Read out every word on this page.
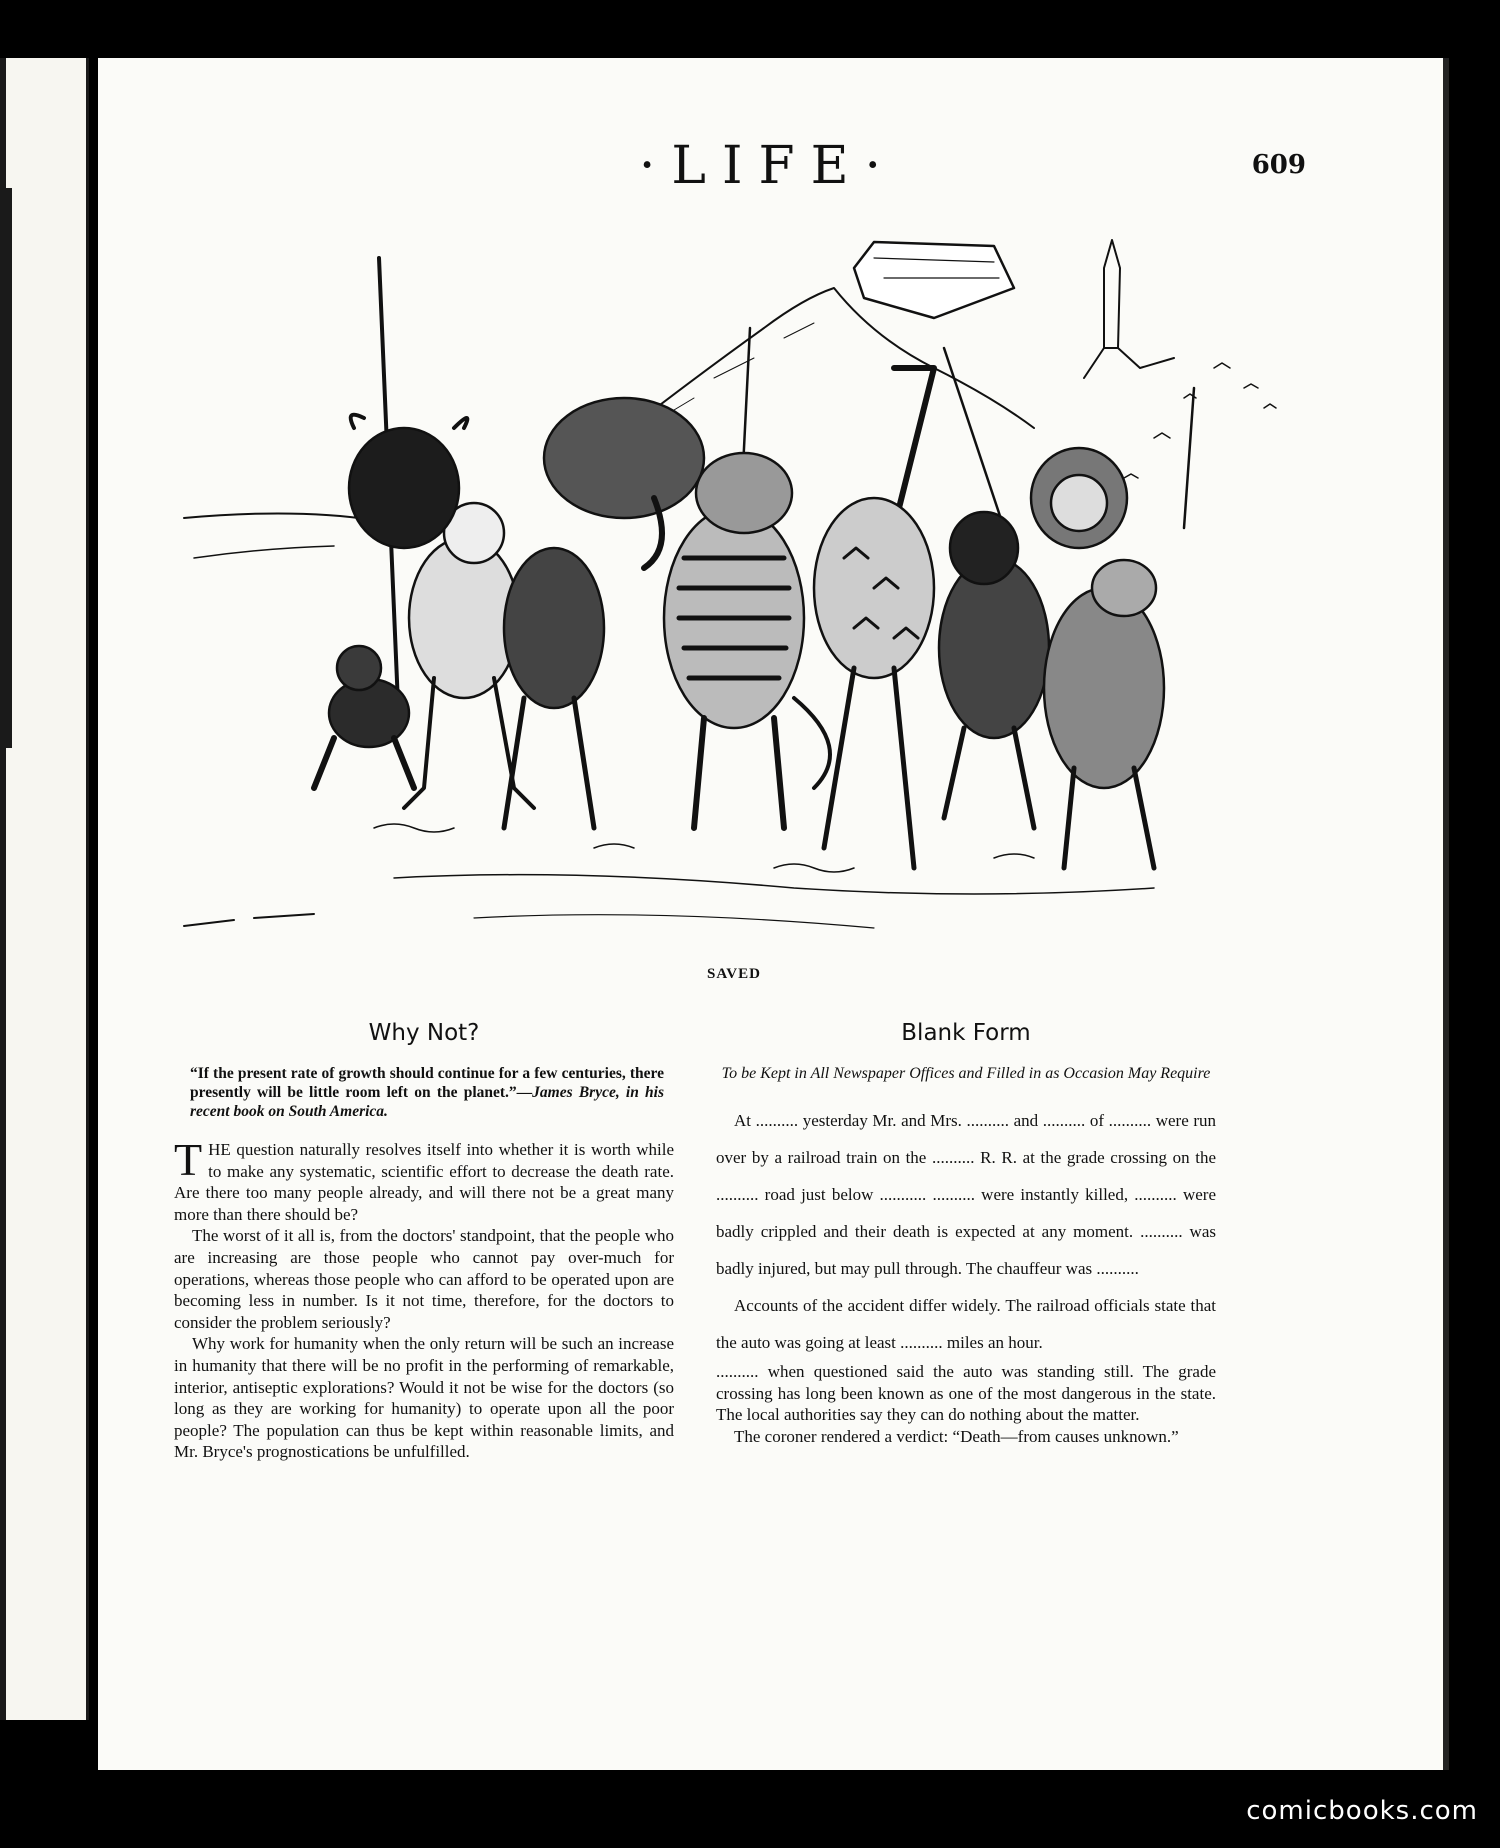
·LIFE·	609
SAVED
Why Not?
“If the present rate of growth should continue for a few centuries, there presently will be little room left on the planet.”—James Bryce, in his recent book on South America.

THE question naturally resolves itself into whether it is worth while to make any systematic, scientific effort to decrease the death rate. Are there too many people already, and will there not be a great many more than there should be?

The worst of it all is, from the doctors' standpoint, that the people who are increasing are those people who cannot pay over-much for operations, whereas those people who can afford to be operated upon are becoming less in number. Is it not time, therefore, for the doctors to consider the problem seriously?

Why work for humanity when the only return will be such an increase in humanity that there will be no profit in the performing of remarkable, interior, antiseptic explorations? Would it not be wise for the doctors (so long as they are working for humanity) to operate upon all the poor people? The population can thus be kept within reasonable limits, and Mr. Bryce's prognostications be unfulfilled.

Blank Form
To be Kept in All Newspaper Offices and Filled in as Occasion May Require

At .......... yesterday Mr. and Mrs. .......... and .......... of .......... were run over by a railroad train on the .......... R. R. at the grade crossing on the .......... road just below ........... .......... were instantly killed, .......... were badly crippled and their death is expected at any moment. .......... was badly injured, but may pull through. The chauffeur was ..........

Accounts of the accident differ widely. The railroad officials state that the auto was going at least .......... miles an hour.

.......... when questioned said the auto was standing still. The grade crossing has long been known as one of the most dangerous in the state. The local authorities say they can do nothing about the matter.

The coroner rendered a verdict: “Death—from causes unknown.”

comicbooks.com
